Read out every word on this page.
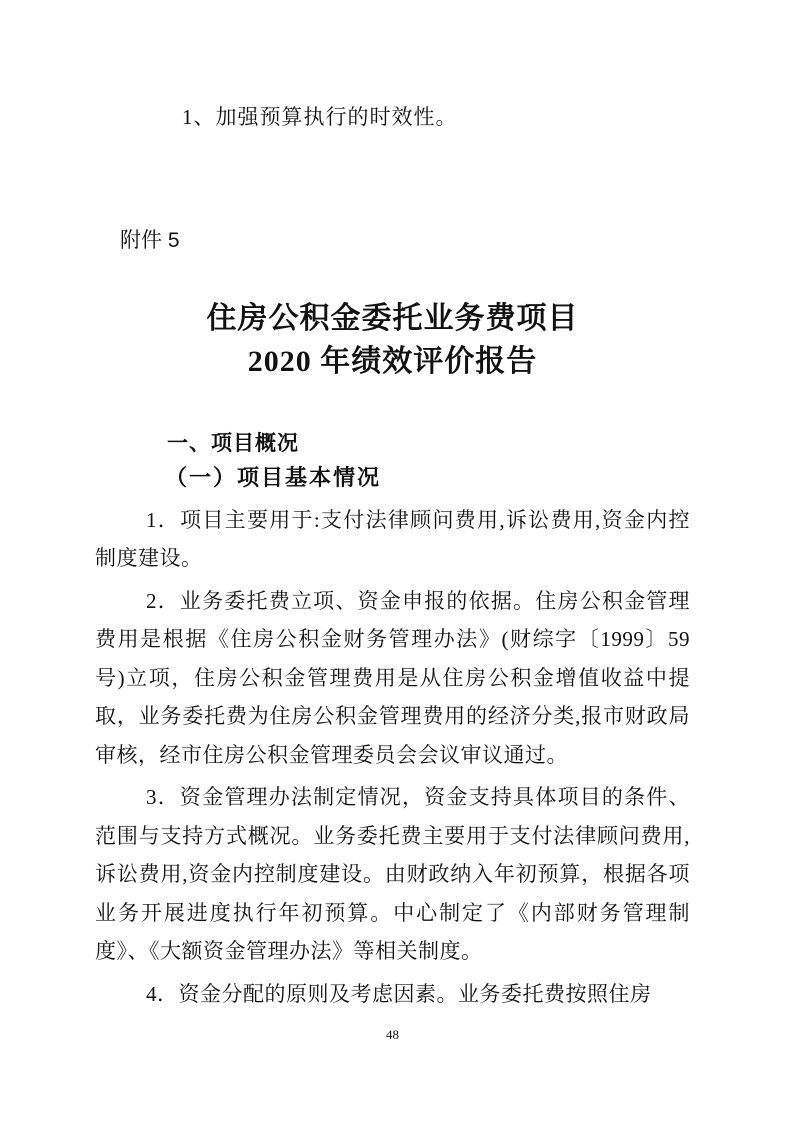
1、加强预算执行的时效性。

附件 5

住房公积金委托业务费项目
2020 年绩效评价报告
一、项目概况
（一）项目基本情况

1．项目主要用于:支付法律顾问费用,诉讼费用,资金内控制度建设。

2．业务委托费立项、资金申报的依据。住房公积金管理费用是根据《住房公积金财务管理办法》(财综字〔1999〕59 号)立项，住房公积金管理费用是从住房公积金增值收益中提取，业务委托费为住房公积金管理费用的经济分类,报市财政局审核，经市住房公积金管理委员会会议审议通过。

3．资金管理办法制定情况，资金支持具体项目的条件、范围与支持方式概况。业务委托费主要用于支付法律顾问费用,诉讼费用,资金内控制度建设。由财政纳入年初预算，根据各项业务开展进度执行年初预算。中心制定了《内部财务管理制度》、《大额资金管理办法》等相关制度。

4．资金分配的原则及考虑因素。业务委托费按照住房

48
